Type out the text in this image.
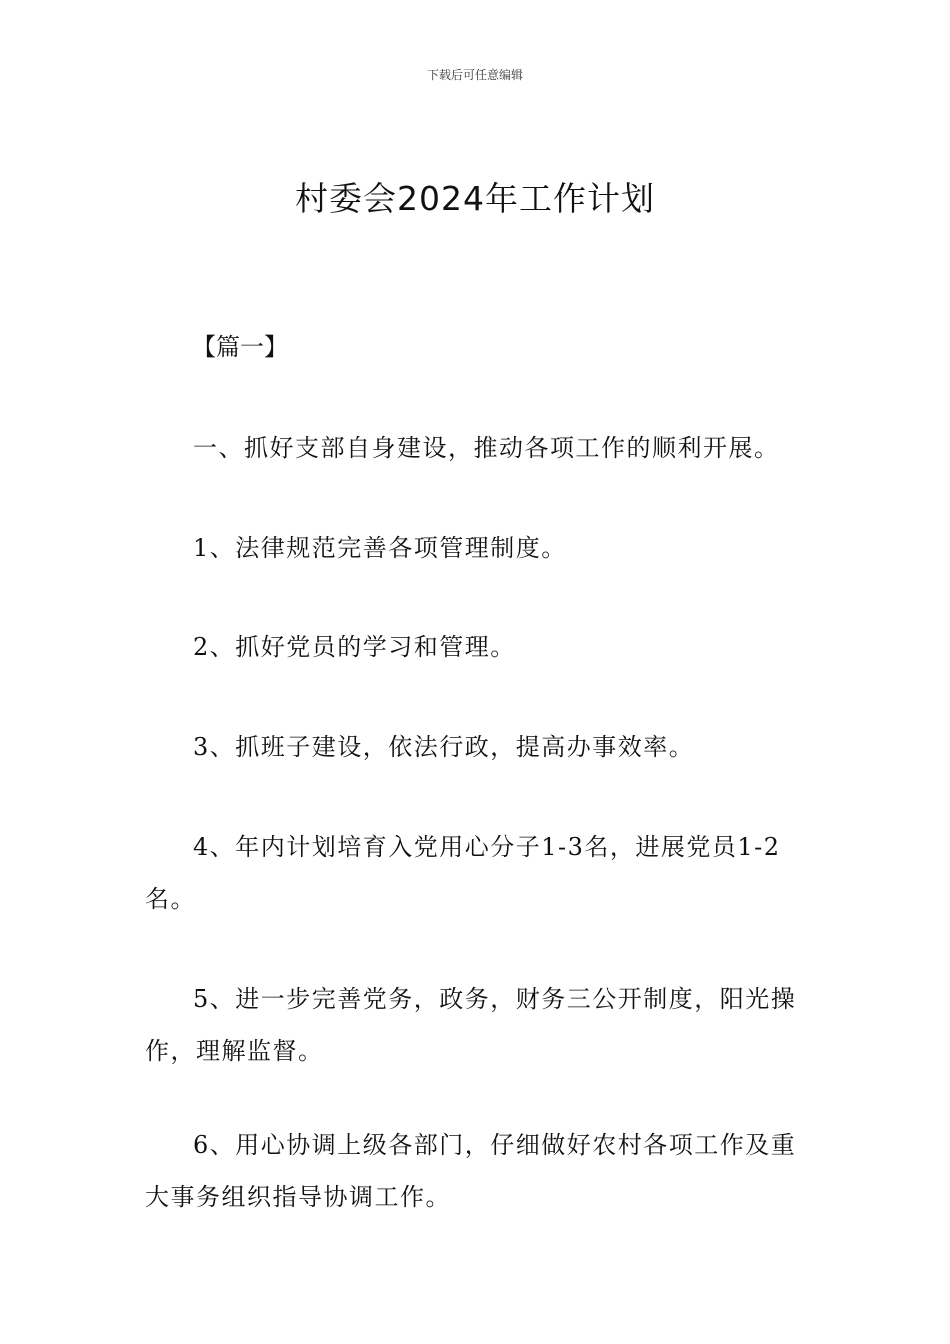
下载后可任意编辑
村委会2024年工作计划
【篇一】

一、抓好支部自身建设，推动各项工作的顺利开展。

1、法律规范完善各项管理制度。

2、抓好党员的学习和管理。

3、抓班子建设，依法行政，提高办事效率。

4、年内计划培育入党用心分子1-3名，进展党员1-2名。

5、进一步完善党务，政务，财务三公开制度，阳光操作，理解监督。

6、用心协调上级各部门，仔细做好农村各项工作及重大事务组织指导协调工作。
